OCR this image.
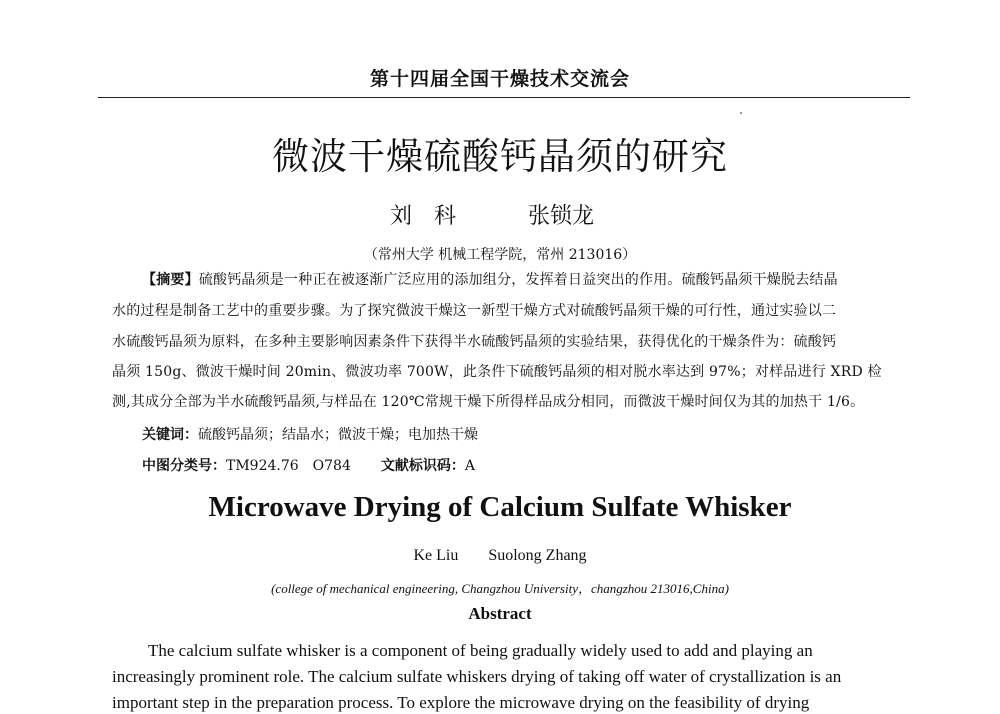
第十四届全国干燥技术交流会
微波干燥硫酸钙晶须的研究
刘　科	张锁龙
（常州大学 机械工程学院，常州 213016）
【摘要】硫酸钙晶须是一种正在被逐渐广泛应用的添加组分，发挥着日益突出的作用。硫酸钙晶须干燥脱去结晶
水的过程是制备工艺中的重要步骤。为了探究微波干燥这一新型干燥方式对硫酸钙晶须干燥的可行性，通过实验以二
水硫酸钙晶须为原料，在多种主要影响因素条件下获得半水硫酸钙晶须的实验结果，获得优化的干燥条件为：硫酸钙
晶须 150g、微波干燥时间 20min、微波功率 700W，此条件下硫酸钙晶须的相对脱水率达到 97%；对样品进行 XRD 检
测,其成分全部为半水硫酸钙晶须,与样品在 120℃常规干燥下所得样品成分相同，而微波干燥时间仅为其的加热干 1/6。
关键词：硫酸钙晶须；结晶水；微波干燥；电加热干燥
中图分类号：TM924.76　O784 文献标识码：A
Microwave Drying of Calcium Sulfate Whisker
Ke Liu Suolong Zhang
(college of mechanical engineering, Changzhou University，changzhou 213016,China)
Abstract
The calcium sulfate whisker is a component of being gradually widely used to add and playing an
increasingly prominent role. The calcium sulfate whiskers drying of taking off water of crystallization is an
important step in the preparation process. To explore the microwave drying on the feasibility of drying
